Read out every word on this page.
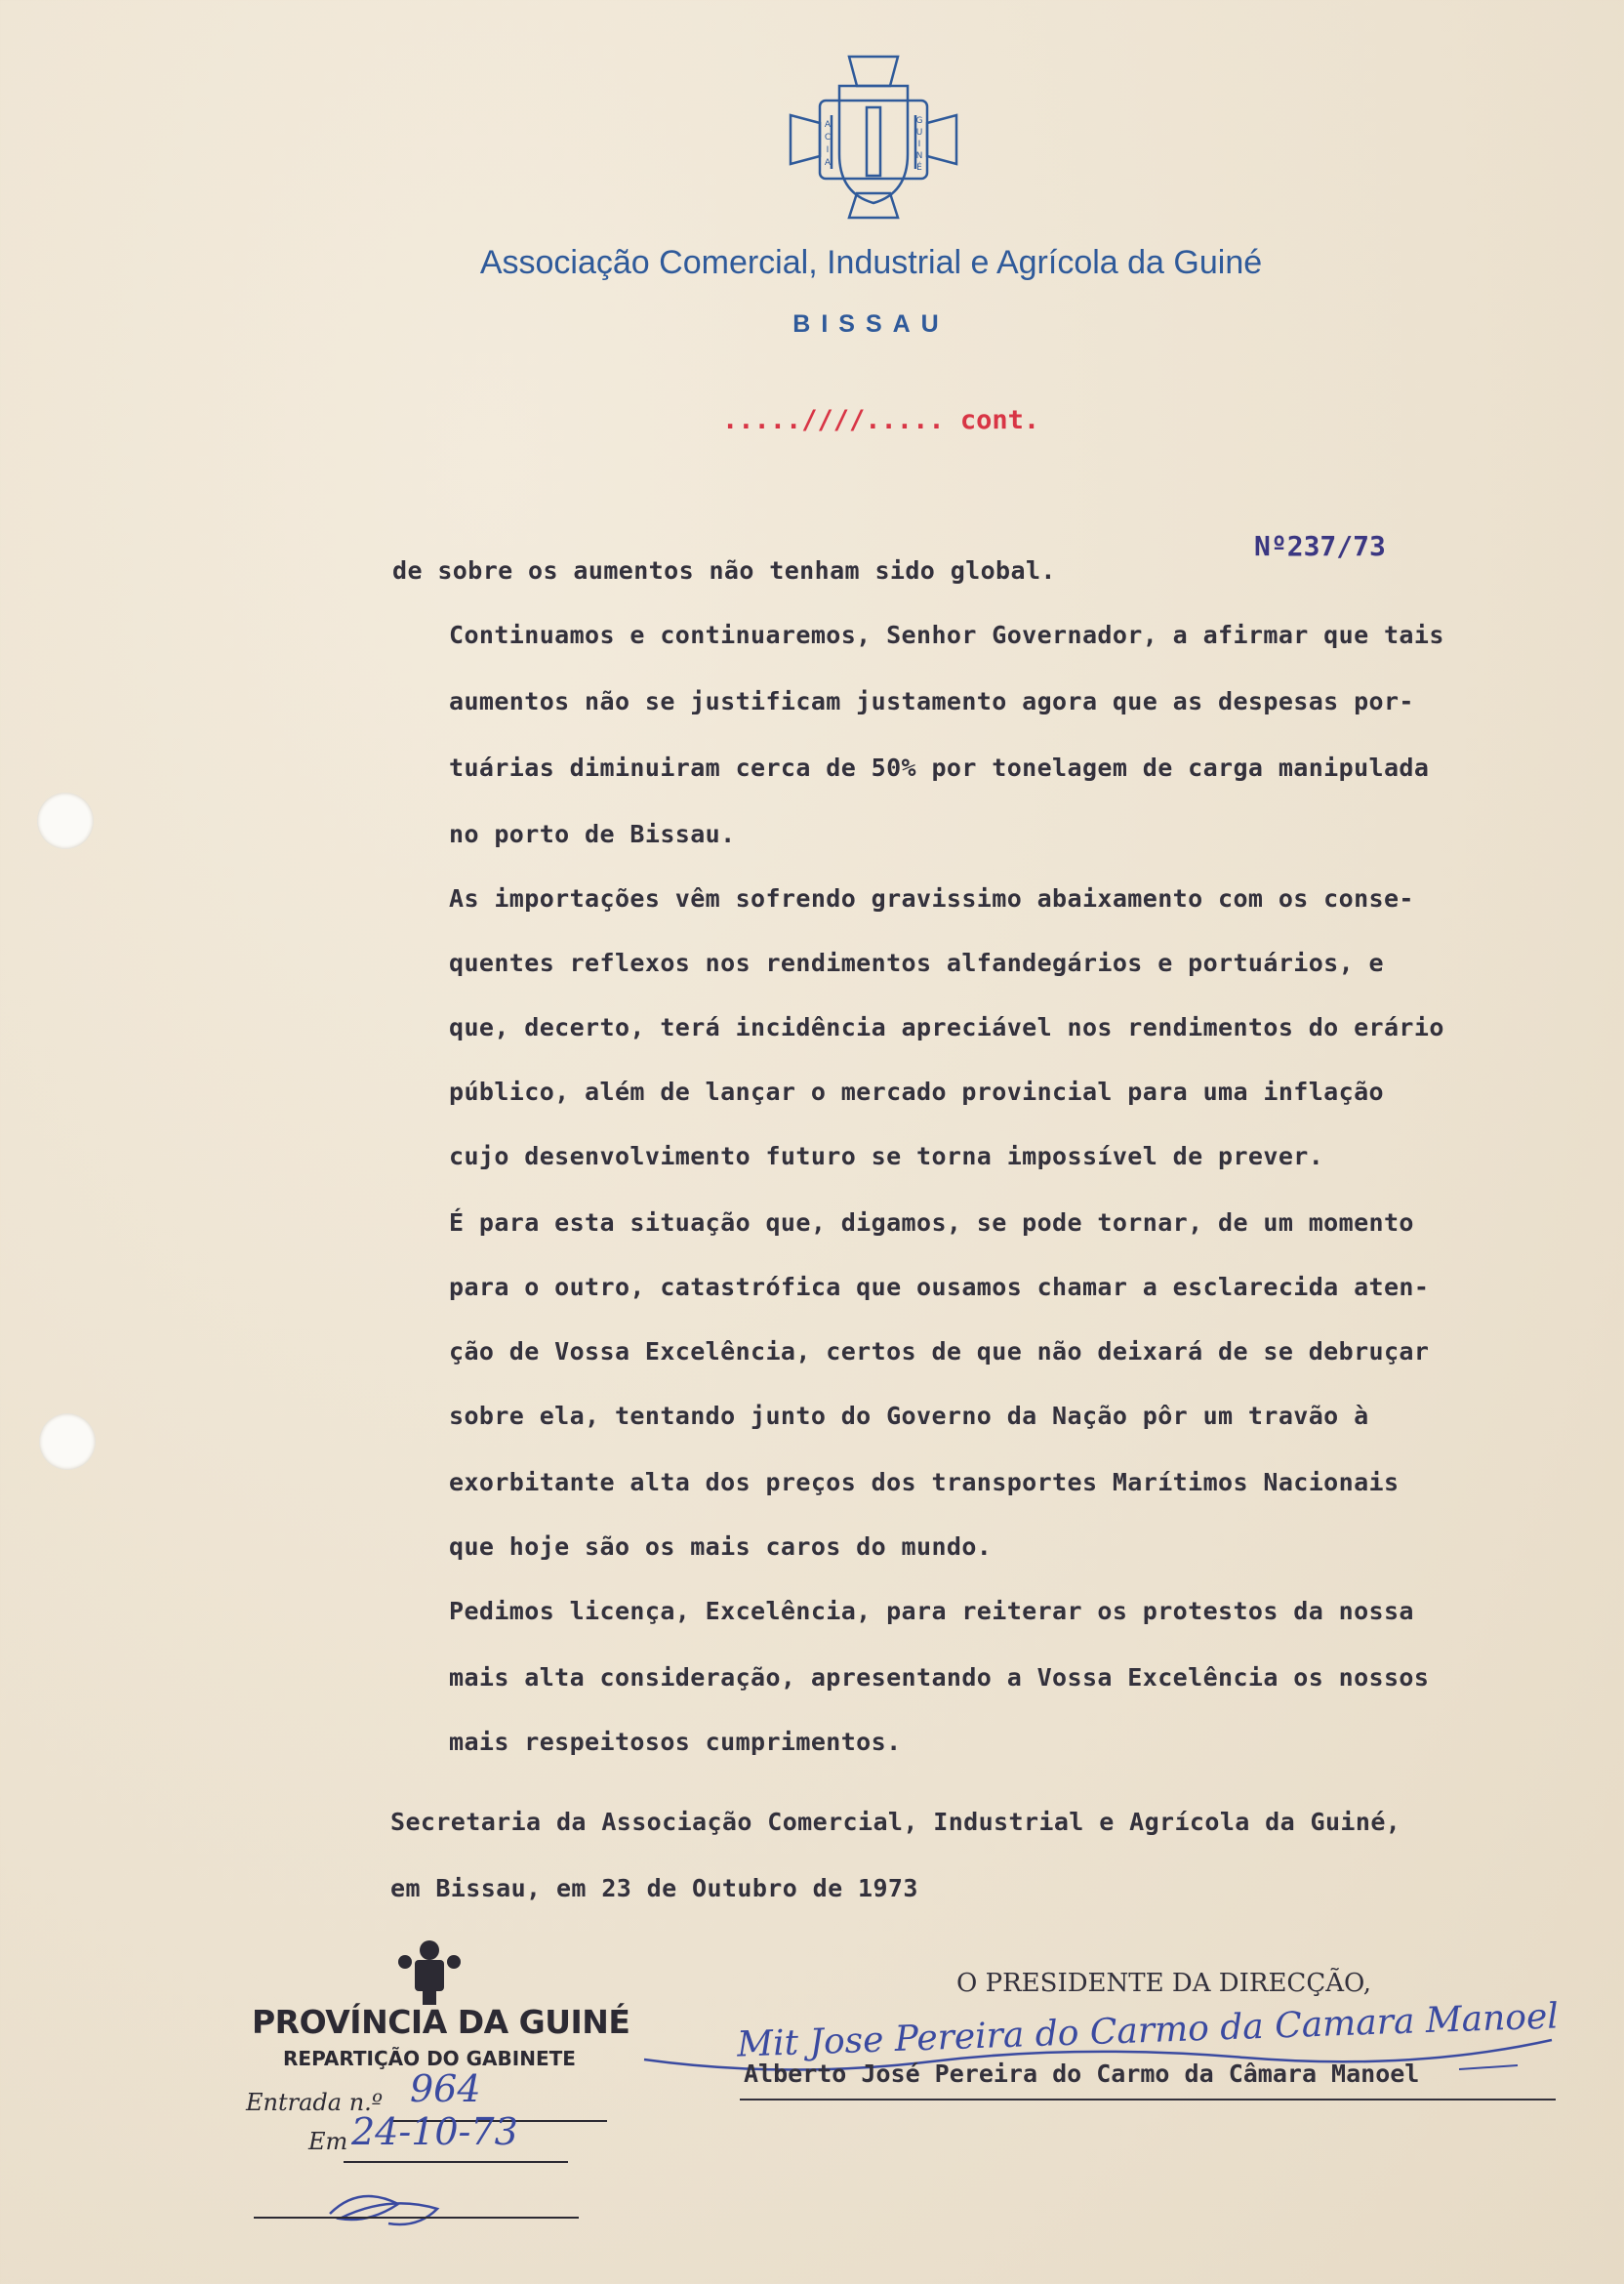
A
C
I
A
G
U
I
N
É
Associação Comercial, Industrial e Agrícola da Guiné
BISSAU
.....////..... cont.
Nº237/73
de sobre os aumentos não tenham sido global.
Continuamos e continuaremos, Senhor Governador, a afirmar que tais
aumentos não se justificam justamento agora que as despesas por-
tuárias diminuiram cerca de 50% por tonelagem de carga manipulada
no porto de Bissau.
As importações vêm sofrendo gravissimo abaixamento com os conse-
quentes reflexos nos rendimentos alfandegários e portuários, e
que, decerto, terá incidência apreciável nos rendimentos do erário
público, além de lançar o mercado provincial para uma inflação
cujo desenvolvimento futuro se torna impossível de prever.
É para esta situação que, digamos, se pode tornar, de um momento
para o outro, catastrófica que ousamos chamar a esclarecida aten-
ção de Vossa Excelência, certos de que não deixará de se debruçar
sobre ela, tentando junto do Governo da Nação pôr um travão à
exorbitante alta dos preços dos transportes Marítimos Nacionais
que hoje são os mais caros do mundo.
Pedimos licença, Excelência, para reiterar os protestos da nossa
mais alta consideração, apresentando a Vossa Excelência os nossos
mais respeitosos cumprimentos.
Secretaria da Associação Comercial, Industrial e Agrícola da Guiné,
em Bissau, em 23 de Outubro de 1973
O PRESIDENTE DA DIRECÇÃO,
Mit Jose Pereira do Carmo da Camara Manoel
Alberto José Pereira do Carmo da Câmara Manoel
PROVÍNCIA DA GUINÉ
REPARTIÇÃO DO GABINETE
Entrada n.º 964
Em 24-10-73
